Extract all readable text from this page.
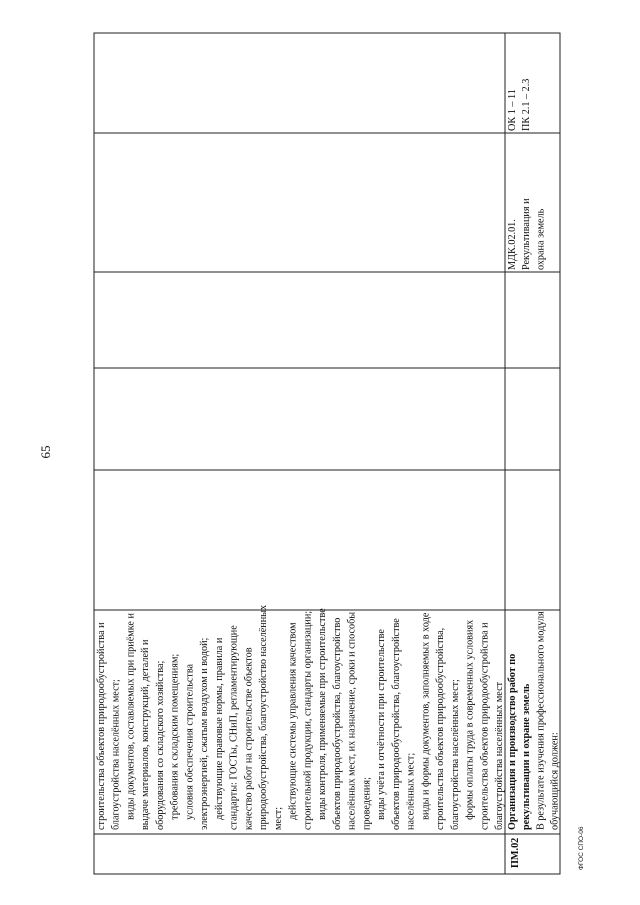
65
ФГОС СПО-06
строительства объектов природообустройства и благоустройства населённых мест; виды документов, составляемых при приёмке и выдаче материалов, конструкций, деталей и оборудования со складского хозяйства; требования к складским помещениям; условия обеспечения строительства электроэнергией, сжатым воздухом и водой; действующие правовые нормы, правила и стандарты: ГОСТы, СНиП, регламентирующие качество работ на строительстве объектов природообустройства, благоустройство населённых мест; действующие системы управления качеством строительной продукции, стандарты организации; виды контроля, применяемые при строительстве объектов природообустройства, благоустройство населённых мест, их назначение, сроки и способы проведения; виды учёта и отчётности при строительстве объектов природообустройства, благоустройстве населённых мест; виды и формы документов, заполняемых в ходе строительства объектов природообустройства, благоустройства населённых мест; формы оплаты труда в современных условиях строительства объектов природообустройства и благоустройства населённых мест
ПМ.02
Организация и производство работ по рекультивации и охране земель В результате изучения профессионального модуля обучающийся должен:
МДК.02.01. Рекультивация и охрана земель
ОК 1 – 11 ПК 2.1 – 2.3
